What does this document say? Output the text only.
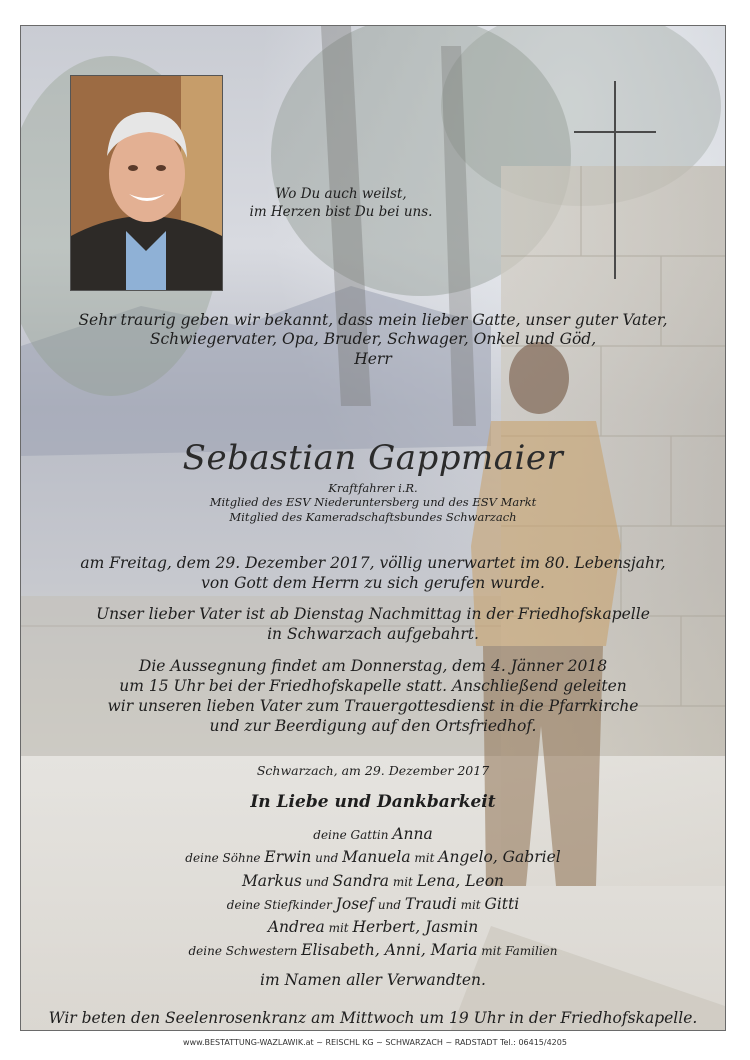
Wo Du auch weilst,
im Herzen bist Du bei uns.
Sehr traurig geben wir bekannt, dass mein lieber Gatte, unser guter Vater,
Schwiegervater, Opa, Bruder, Schwager, Onkel und Göd,
Herr
Sebastian Gappmaier
Kraftfahrer i.R.
Mitglied des ESV Niederuntersberg und des ESV Markt
Mitglied des Kameradschaftsbundes Schwarzach
am Freitag, dem 29. Dezember 2017, völlig unerwartet im 80. Lebensjahr,
von Gott dem Herrn zu sich gerufen wurde.
Unser lieber Vater ist ab Dienstag Nachmittag in der Friedhofskapelle
in Schwarzach aufgebahrt.
Die Aussegnung findet am Donnerstag, dem 4. Jänner 2018
um 15 Uhr bei der Friedhofskapelle statt. Anschließend geleiten
wir unseren lieben Vater zum Trauergottesdienst in die Pfarrkirche
und zur Beerdigung auf den Ortsfriedhof.
Schwarzach, am 29. Dezember 2017
In Liebe und Dankbarkeit
deine Gattin Anna
deine Söhne Erwin und Manuela mit Angelo, Gabriel
Markus und Sandra mit Lena, Leon
deine Stiefkinder Josef und Traudi mit Gitti
Andrea mit Herbert, Jasmin
deine Schwestern Elisabeth, Anni, Maria mit Familien
im Namen aller Verwandten.
Wir beten den Seelenrosenkranz am Mittwoch um 19 Uhr in der Friedhofskapelle.
www.BESTATTUNG-WAZLAWIK.at ~ REISCHL KG ~ SCHWARZACH ~ RADSTADT Tel.: 06415/4205
